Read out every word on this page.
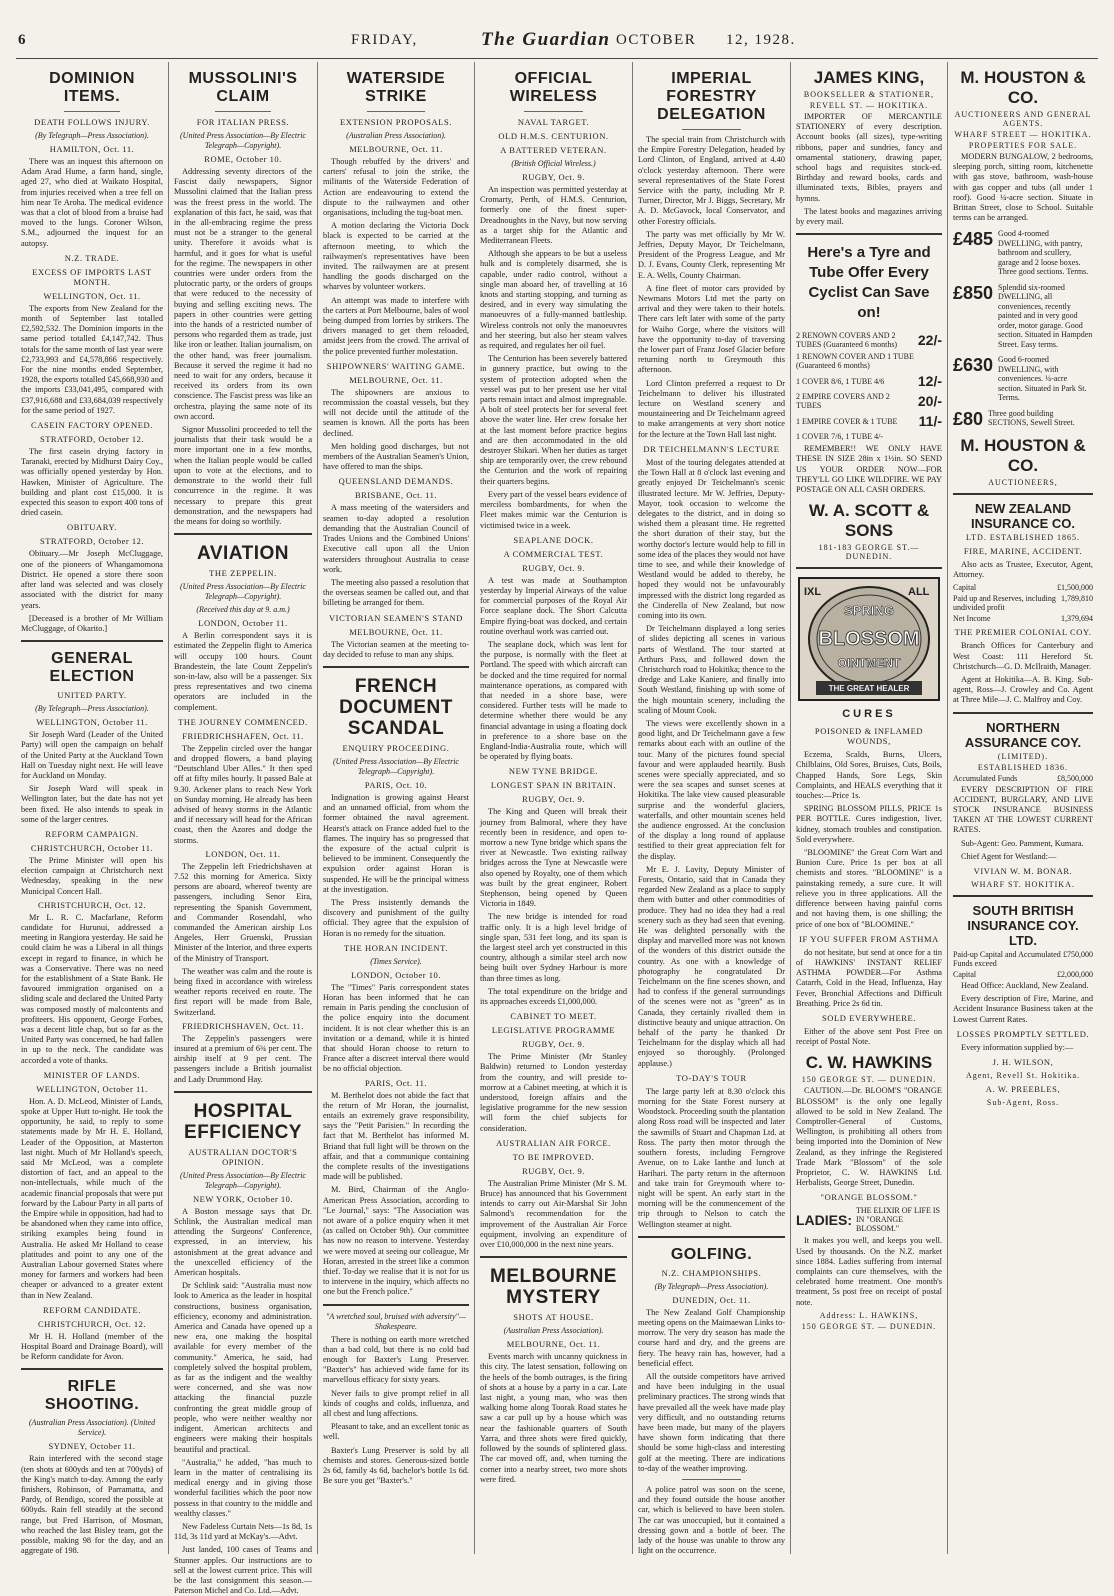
6	FRIDAY,	The Guardian OCTOBER 12, 1928.
DOMINION ITEMS.
DEATH FOLLOWS INJURY.
(By Telegraph—Press Association).
HAMILTON, Oct. 11.

There was an inquest this afternoon on Adam Arad Hume, a farm hand, single, aged 27, who died at Waikato Hospital, from injuries received when a tree fell on him near Te Aroha. The medical evidence was that a clot of blood from a bruise had moved to the lungs. Coroner Wilson, S.M., adjourned the inquest for an autopsy.

N.Z. TRADE.
EXCESS OF IMPORTS LAST MONTH.
WELLINGTON, Oct. 11.

The exports from New Zealand for the month of September last totalled £2,592,532. The Dominion imports in the same period totalled £4,147,742. Thus totals for the same month of last year were £2,733,993 and £4,578,866 respectively. For the nine months ended September, 1928, the exports totalled £45,668,930 and the imports £33,041,495, compared with £37,916,688 and £33,684,039 respectively for the same period of 1927.

CASEIN FACTORY OPENED.
STRATFORD, October 12.

The first casein drying factory in Taranaki, erected by Midhurst Dairy Coy., was officially opened yesterday by Hon. Hawken, Minister of Agriculture. The building and plant cost £15,000. It is expected this season to export 400 tons of dried casein.

OBITUARY.
STRATFORD, October 12.

Obituary.—Mr Joseph McCluggage, one of the pioneers of Whangamomona District. He opened a store there soon after land was selected and was closely associated with the district for many years.

[Deceased is a brother of Mr William McCluggage, of Okarito.]

GENERAL ELECTION
UNITED PARTY.
(By Telegraph—Press Association).
WELLINGTON, October 11.

Sir Joseph Ward (Leader of the United Party) will open the campaign on behalf of the United Party at the Auckland Town Hall on Tuesday night next. He will leave for Auckland on Monday.

Sir Joseph Ward will speak in Wellington later, but the date has not yet been fixed. He also intends to speak in some of the larger centres.

REFORM CAMPAIGN.
CHRISTCHURCH, October 11.

The Prime Minister will open his election campaign at Christchurch next Wednesday, speaking in the new Municipal Concert Hall.

CHRISTCHURCH, Oct. 12.

Mr L. R. C. Macfarlane, Reform candidate for Hurunui, addressed a meeting in Rangiora yesterday. He said he could claim he was a Liberal in all things except in regard to finance, in which he was a Conservative. There was no need for the establishment of a State Bank. He favoured immigration organised on a sliding scale and declared the United Party was composed mostly of malcontents and profiteers. His opponent, George Forbes, was a decent little chap, but so far as the United Party was concerned, he had fallen in up to the neck. The candidate was accorded a vote of thanks.

MINISTER OF LANDS.
WELLINGTON, October 11.

Hon. A. D. McLeod, Minister of Lands, spoke at Upper Hutt to-night. He took the opportunity, he said, to reply to some statements made by Mr H. E. Holland, Leader of the Opposition, at Masterton last night. Much of Mr Holland's speech, said Mr McLeod, was a complete distortion of fact, and an appeal to the non-intellectuals, while much of the academic financial proposals that were put forward by the Labour Party in all parts of the Empire while in opposition, had had to be abandoned when they came into office, striking examples being found in Australia. He asked Mr Holland to cease platitudes and point to any one of the Australian Labour governed States where money for farmers and workers had been cheaper or advanced to a greater extent than in New Zealand.

REFORM CANDIDATE.
CHRISTCHURCH, Oct. 12.

Mr H. H. Holland (member of the Hospital Board and Drainage Board), will be Reform candidate for Avon.

RIFLE SHOOTING.
(Australian Press Association). (United Service).
SYDNEY, October 11.

Rain interfered with the second stage (ten shots at 600yds and ten at 700yds) of the King's match to-day. Among the early finishers, Robinson, of Parramatta, and Pardy, of Bendigo, scored the possible at 600yds. Rain fell steadily at the second range, but Fred Harrison, of Mosman, who reached the last Bisley team, got the possible, making 98 for the day, and an aggregate of 198.

MUSSOLINI'S CLAIM
FOR ITALIAN PRESS.
(United Press Association—By Electric Telegraph—Copyright).
ROME, October 10.

Addressing seventy directors of the Fascist daily newspapers, Signor Mussolini claimed that the Italian press was the freest press in the world. The explanation of this fact, he said, was that in the all-embracing regime the press must not be a stranger to the general unity. Therefore it avoids what is harmful, and it goes for what is useful for the regime. The newspapers in other countries were under orders from the plutocratic party, or the orders of groups that were reduced to the necessity of buying and selling exciting news. The papers in other countries were getting into the hands of a restricted number of persons who regarded them as trade, just like iron or leather. Italian journalism, on the other hand, was freer journalism. Because it served the regime it had no need to wait for any orders, because it received its orders from its own conscience. The Fascist press was like an orchestra, playing the same note of its own accord.

Signor Mussolini proceeded to tell the journalists that their task would be a more important one in a few months, when the Italian people would be called upon to vote at the elections, and to demonstrate to the world their full concurrence in the regime. It was necessary to prepare this great demonstration, and the newspapers had the means for doing so worthily.

AVIATION
THE ZEPPELIN.
(United Press Association—By Electric Telegraph—Copyright).
(Received this day at 9. a.m.)
LONDON, October 11.

A Berlin correspondent says it is estimated the Zeppelin flight to America will occupy 100 hours. Count Brandestein, the late Count Zeppelin's son-in-law, also will be a passenger. Six press representatives and two cinema operators are included in the complement.

THE JOURNEY COMMENCED.
FRIEDRICHSHAFEN, Oct. 11.

The Zeppelin circled over the hangar and dropped flowers, a band playing "Deutschland Uber Alles." It then sped off at fifty miles hourly. It passed Bale at 9.30. Ackener plans to reach New York on Sunday morning. He already has been advised of heavy storms in the Atlantic and if necessary will head for the African coast, then the Azores and dodge the storms.

LONDON, Oct. 11.

The Zeppelin left Friedrichshaven at 7.52 this morning for America. Sixty persons are aboard, whereof twenty are passengers, including Senor Eira, representing the Spanish Government, and Commander Rosendahl, who commanded the American airship Los Angeles, Herr Gruenski, Prussian Minister of the Interior, and three experts of the Ministry of Transport.

The weather was calm and the route is being fixed in accordance with wireless weather reports received en route. The first report will be made from Bale, Switzerland.

FRIEDRICHSHAVEN, Oct. 11.

The Zeppelin's passengers were insured at a premium of 6¾ per cent. The airship itself at 9 per cent. The passengers include a British journalist and Lady Drummond Hay.

HOSPITAL EFFICIENCY
AUSTRALIAN DOCTOR'S OPINION.
(United Press Association—By Electric Telegraph—Copyright).
NEW YORK, October 10.

A Boston message says that Dr. Schlink, the Australian medical man attending the Surgeons' Conference, expressed, in an interview, his astonishment at the great advance and the unexcelled efficiency of the American hospitals.

Dr Schlink said: "Australia must now look to America as the leader in hospital constructions, business organisation, efficiency, economy and administration. America and Canada have opened up a new era, one making the hospital available for every member of the community." America, he said, had completely solved the hospital problem, as far as the indigent and the wealthy were concerned, and she was now attacking the financial puzzle confronting the great middle group of people, who were neither wealthy nor indigent. American architects and engineers were making their hospitals beautiful and practical.

"Australia," he added, "has much to learn in the matter of centralising its medical energy and in giving those wonderful facilities which the poor now possess in that country to the middle and wealthy classes."

New Fadeless Curtain Nets—1s 8d, 1s 11d, 3s 11d yard at McKay's.—Advt.

Just landed, 100 cases of Teams and Stunner apples. Our instructions are to sell at the lowest current price. This will be the last consignment this season.—Paterson Michel and Co. Ltd.—Advt.

WATERSIDE STRIKE
EXTENSION PROPOSALS.
(Australian Press Association).
MELBOURNE, Oct. 11.

Though rebuffed by the drivers' and carters' refusal to join the strike, the militants of the Waterside Federation of Action are endeavouring to extend the dispute to the railwaymen and other organisations, including the tug-boat men.

A motion declaring the Victoria Dock black is expected to be carried at the afternoon meeting, to which the railwaymen's representatives have been invited. The railwaymen are at present handling the goods discharged on the wharves by volunteer workers.

An attempt was made to interfere with the carters at Port Melbourne, bales of wool being dumped from lorries by strikers. The drivers managed to get them reloaded, amidst jeers from the crowd. The arrival of the police prevented further molestation.

SHIPOWNERS' WAITING GAME.
MELBOURNE, Oct. 11.

The shipowners are anxious to recommission the coastal vessels, but they will not decide until the attitude of the seamen is known. All the ports has been declined.

Men holding good discharges, but not members of the Australian Seamen's Union, have offered to man the ships.

QUEENSLAND DEMANDS.
BRISBANE, Oct. 11.

A mass meeting of the watersiders and seamen to-day adopted a resolution demanding that the Australian Council of Trades Unions and the Combined Unions' Executive call upon all the Union watersiders throughout Australia to cease work.

The meeting also passed a resolution that the overseas seamen be called out, and that billeting be arranged for them.

VICTORIAN SEAMEN'S STAND
MELBOURNE, Oct. 11.

The Victorian seamen at the meeting to-day decided to refuse to man any ships.

FRENCH DOCUMENT SCANDAL
ENQUIRY PROCEEDING.
(United Press Association—By Electric Telegraph—Copyright).
PARIS, Oct. 10.

Indignation is growing against Hearst and an unnamed official, from whom the former obtained the naval agreement. Hearst's attack on France added fuel to the flames. The inquiry has so progressed that the exposure of the actual culprit is believed to be imminent. Consequently the expulsion order against Horan is suspended. He will be the principal witness at the investigation.

The Press insistently demands the discovery and punishment of the guilty official. They agree that the expulsion of Horan is no remedy for the situation.

THE HORAN INCIDENT.
(Times Service).
LONDON, October 10.

The "Times" Paris correspondent states Horan has been informed that he can remain in Paris pending the conclusion of the police enquiry into the document incident. It is not clear whether this is an invitation or a demand, while it is hinted that should Horan choose to return to France after a discreet interval there would be no official objection.

PARIS, Oct. 11.

M. Berthelot does not abide the fact that the return of Mr Horan, the journalist, entails an extremely grave responsibility, says the "Petit Parisien." In recording the fact that M. Berthelot has informed M. Briand that full light will be thrown on the affair, and that a communique containing the complete results of the investigations made will be published.

M. Bird, Chairman of the Anglo-American Press Association, according to "Le Journal," says: "The Association was not aware of a police enquiry when it met (as called on October 9th). Our committee has now no reason to intervene. Yesterday we were moved at seeing our colleague, Mr Horan, arrested in the street like a common thief. To-day we realise that it is not for us to intervene in the inquiry, which affects no one but the French police."

"A wretched soul, bruised with adversity"—Shakespeare.

There is nothing on earth more wretched than a bad cold, but there is no cold bad enough for Baxter's Lung Preserver. "Baxter's" has achieved wide fame for its marvellous efficacy for sixty years.

Never fails to give prompt relief in all kinds of coughs and colds, influenza, and all chest and lung affections.

Pleasant to take, and an excellent tonic as well.

Baxter's Lung Preserver is sold by all chemists and stores. Generous-sized bottle 2s 6d, family 4s 6d, bachelor's bottle 1s 6d. Be sure you get "Baxter's."

OFFICIAL WIRELESS
NAVAL TARGET.
OLD H.M.S. CENTURION.
A BATTERED VETERAN.
(British Official Wireless.)
RUGBY, Oct. 9.

An inspection was permitted yesterday at Cromarty, Perth, of H.M.S. Centurion, formerly one of the finest super-Dreadnoughts in the Navy, but now serving as a target ship for the Atlantic and Mediterranean Fleets.

Although she appears to be but a useless hulk and is completely disarmed, she is capable, under radio control, without a single man aboard her, of travelling at 16 knots and starting stopping, and turning as desired, and in every way simulating the manoeuvres of a fully-manned battleship. Wireless controls not only the manoeuvres and her steering, but also her steam valves as required, and regulates her oil fuel.

The Centurion has been severely battered in gunnery practice, but owing to the system of protection adopted when the vessel was put to her present use her vital parts remain intact and almost impregnable. A bolt of steel protects her for several feet above the water line. Her crew forsake her at the last moment before practice begins and are then accommodated in the old destroyer Shikari. When her duties as target ship are temporarily over, the crew rebound the Centurion and the work of repairing their quarters begins.

Every part of the vessel bears evidence of merciless bombardments, for when the Fleet makes mimic war the Centurion is victimised twice in a week.

SEAPLANE DOCK.
A COMMERCIAL TEST.
RUGBY, Oct. 9.

A test was made at Southampton yesterday by Imperial Airways of the value for commercial purposes of the Royal Air Force seaplane dock. The Short Calcutta Empire flying-boat was docked, and certain routine overhaul work was carried out.

The seaplane dock, which was lent for the purpose, is normally with the fleet at Portland. The speed with which aircraft can be docked and the time required for normal maintenance operations, as compared with that needed in a shore base, were considered. Further tests will be made to determine whether there would be any financial advantage in using a floating dock in preference to a shore base on the England-India-Australia route, which will be operated by flying boats.

NEW TYNE BRIDGE.
LONGEST SPAN IN BRITAIN.
RUGBY, Oct. 9.

The King and Queen will break their journey from Balmoral, where they have recently been in residence, and open to-morrow a new Tyne bridge which spans the river at Newcastle. Two existing railway bridges across the Tyne at Newcastle were also opened by Royalty, one of them which was built by the great engineer, Robert Stephenson, being opened by Queen Victoria in 1849.

The new bridge is intended for road traffic only. It is a high level bridge of single span, 531 feet long, and its span is the largest steel arch yet constructed in this country, although a similar steel arch now being built over Sydney Harbour is more than three times as long.

The total expenditure on the bridge and its approaches exceeds £1,000,000.

CABINET TO MEET.
LEGISLATIVE PROGRAMME
RUGBY, Oct. 9.

The Prime Minister (Mr Stanley Baldwin) returned to London yesterday from the country, and will preside to-morrow at a Cabinet meeting, at which it is understood, foreign affairs and the legislative programme for the new session will form the chief subjects for consideration.

AUSTRALIAN AIR FORCE.
TO BE IMPROVED.
RUGBY, Oct. 9.

The Australian Prime Minister (Mr S. M. Bruce) has announced that his Government intends to carry out Air-Marshal Sir John Salmond's recommendation for the improvement of the Australian Air Force equipment, involving an expenditure of over £10,000,000 in the next nine years.

MELBOURNE MYSTERY
SHOTS AT HOUSE.
(Australian Press Association).
MELBOURNE, Oct. 11.

Events march with uncanny quickness in this city. The latest sensation, following on the heels of the bomb outrages, is the firing of shots at a house by a party in a car. Late last night, a young man, who was then walking home along Toorak Road states he saw a car pull up by a house which was near the fashionable quarters of South Yarra, and three shots were fired quickly, followed by the sounds of splintered glass. The car moved off, and, when turning the corner into a nearby street, two more shots were fired.

IMPERIAL FORESTRY DELEGATION

The special train from Christchurch with the Empire Forestry Delegation, headed by Lord Clinton, of England, arrived at 4.40 o'clock yesterday afternoon. There were several representatives of the State Forest Service with the party, including Mr P. Turner, Director, Mr J. Biggs, Secretary, Mr A. D. McGavock, local Conservator, and other Forestry officials.

The party was met officially by Mr W. Jeffries, Deputy Mayor, Dr Teichelmann, President of the Progress League, and Mr D. J. Evans, County Clerk, representing Mr E. A. Wells, County Chairman.

A fine fleet of motor cars provided by Newmans Motors Ltd met the party on arrival and they were taken to their hotels. There cars left later with some of the party for Waiho Gorge, where the visitors will have the opportunity to-day of traversing the lower part of Franz Josef Glacier before returning north to Greymouth this afternoon.

Lord Clinton preferred a request to Dr Teichelmann to deliver his illustrated lecture on Westland scenery and mountaineering and Dr Teichelmann agreed to make arrangements at very short notice for the lecture at the Town Hall last night.

DR TEICHELMANN'S LECTURE

Most of the touring delegates attended at the Town Hall at 8 o'clock last evening and greatly enjoyed Dr Teichelmann's scenic illustrated lecture. Mr W. Jeffries, Deputy-Mayor, took occasion to welcome the delegates to the district, and in doing so wished them a pleasant time. He regretted the short duration of their stay, but the worthy doctor's lecture would help to fill in some idea of the places they would not have time to see, and while their knowledge of Westland would be added to thereby, he hoped they would not be unfavourably impressed with the district long regarded as the Cinderella of New Zealand, but now coming into its own.

Dr Teichelmann displayed a long series of slides depicting all scenes in various parts of Westland. The tour started at Arthurs Pass, and followed down the Christchurch road to Hokitika; thence to the dredge and Lake Kaniere, and finally into South Westland, finishing up with some of the high mountain scenery, including the scaling of Mount Cook.

The views were excellently shown in a good light, and Dr Teichelmann gave a few remarks about each with an outline of the tour. Many of the pictures found special favour and were applauded heartily. Bush scenes were specially appreciated, and so were the sea scapes and sunset scenes at Hokitika. The lake view caused pleasurable surprise and the wonderful glaciers, waterfalls, and other mountain scenes held the audience engrossed. At the conclusion of the display a long round of applause testified to their great appreciation felt for the display.

Mr E. J. Lavity, Deputy Minister of Forests, Ontario, said that in Canada they regarded New Zealand as a place to supply them with butter and other commodities of produce. They had no idea they had a real scenery such as they had seen that evening. He was delighted personally with the display and marvelled more was not known of the wonders of this district outside the country. As one with a knowledge of photography he congratulated Dr Teichelmann on the fine scenes shown, and had to confess if the general surroundings of the scenes were not as "green" as in Canada, they certainly rivalled them in distinctive beauty and unique attraction. On behalf of the party he thanked Dr Teichelmann for the display which all had enjoyed so thoroughly. (Prolonged applause.)

TO-DAY'S TOUR

The large party left at 8.30 o'clock this morning for the State Forest nursery at Woodstock. Proceeding south the plantation along Ross road will be inspected and later the sawmills of Stuart and Chapman Ltd. at Ross. The party then motor through the southern forests, including Ferngrove Avenue, on to Lake Ianthe and lunch at Harihari. The party return in the afternoon and take train for Greymouth where to-night will be spent. An early start in the morning will be the commencement of the trip through to Nelson to catch the Wellington steamer at night.

GOLFING.
N.Z. CHAMPIONSHIPS.
(By Telegraph—Press Association).
DUNEDIN, Oct. 11.

The New Zealand Golf Championship meeting opens on the Maimaewan Links to-morrow. The very dry season has made the course hard and dry, and the greens are fiery. The heavy rain has, however, had a beneficial effect.

All the outside competitors have arrived and have been indulging in the usual preliminary practices. The strong winds that have prevailed all the week have made play very difficult, and no outstanding returns have been made, but many of the players have shown form indicating that there should be some high-class and interesting golf at the meeting. There are indications to-day of the weather improving.

A police patrol was soon on the scene, and they found outside the house another car, which is believed to have been stolen. The car was unoccupied, but it contained a dressing gown and a bottle of beer. The lady of the house was unable to throw any light on the occurrence.

JAMES KING,
BOOKSELLER & STATIONER,
REVELL ST. — HOKITIKA.

IMPORTER OF MERCANTILE STATIONERY of every description. Account books (all sizes), type-writing ribbons, paper and sundries, fancy and ornamental stationery, drawing paper, school bags and requisites stock-ed. Birthday and reward books, cards and illuminated texts, Bibles, prayers and hymns.

The latest books and magazines arriving by every mail.

Here's a Tyre and Tube Offer Every Cyclist Can Save on!
2 RENOWN COVERS AND 2 TUBES (Guaranteed 6 months)	22/-
1 RENOWN COVER AND 1 TUBE (Guaranteed 6 months)
1 COVER 8/6, 1 TUBE 4/6 12/-
2 EMPIRE COVERS AND 2 TUBES	20/-
1 EMPIRE COVER & 1 TUBE 11/-
1 COVER 7/6, 1 TUBE 4/-

REMEMBER!! WE ONLY HAVE THESE IN SIZE 28in x 1½in. SO SEND US YOUR ORDER NOW—FOR THEY'LL GO LIKE WILDFIRE. WE PAY POSTAGE ON ALL CASH ORDERS.

W. A. SCOTT & SONS
181-183 GEORGE ST.—DUNEDIN.
SPRING
BLOSSOM
OINTMENT
IXL	ALL
THE GREAT HEALER
CURES
POISONED & INFLAMED WOUNDS,

Eczema, Scalds, Burns, Ulcers, Chilblains, Old Sores, Bruises, Cuts, Boils, Chapped Hands, Sore Legs, Skin Complaints, and HEALS everything that it touches:—Price 1s.

SPRING BLOSSOM PILLS, PRICE 1s PER BOTTLE. Cures indigestion, liver, kidney, stomach troubles and constipation. Sold everywhere.

"BLOOMINE" the Great Corn Wart and Bunion Cure. Price 1s per box at all chemists and stores. "BLOOMINE" is a painstaking remedy, a sure cure. It will relieve you in three applications. All the difference between having painful corns and not having them, is one shilling; the price of one box of "BLOOMINE."

IF YOU SUFFER FROM ASTHMA

do not hesitate, but send at once for a tin of HAWKINS' INSTANT RELIEF ASTHMA POWDER—For Asthma Catarrh, Cold in the Head, Influenza, Hay Fever, Bronchial Affections and Difficult Breathing. Price 2s 6d tin.

SOLD EVERYWHERE.

Either of the above sent Post Free on receipt of Postal Note.

C. W. HAWKINS
150 GEORGE ST. — DUNEDIN.

CAUTION.—Dr. BLOOM'S "ORANGE BLOSSOM" is the only one legally allowed to be sold in New Zealand. The Comptroller-General of Customs, Wellington, is prohibiting all others from being imported into the Dominion of New Zealand, as they infringe the Registered Trade Mark "Blossom" of the sole Proprietor, C. W. HAWKINS Ltd. Herbalists, George Street, Dunedin.

"ORANGE BLOSSOM."
LADIES:
THE ELIXIR OF LIFE IS IN "ORANGE BLOSSOM."

It makes you well, and keeps you well. Used by thousands. On the N.Z. market since 1884. Ladies suffering from internal complaints can cure themselves, with the celebrated home treatment. One month's treatment, 5s post free on receipt of postal note.

Address: L. HAWKINS,
150 GEORGE ST. — DUNEDIN.
M. HOUSTON & CO.
AUCTIONEERS AND GENERAL AGENTS.
WHARF STREET — HOKITIKA.
PROPERTIES FOR SALE.

MODERN BUNGALOW, 2 bedrooms, sleeping porch, sitting room, kitchenette with gas stove, bathroom, wash-house with gas copper and tubs (all under 1 roof). Good ¼-acre section. Situate in Brittan Street, close to School. Suitable terms can be arranged.

£485 Good 4-roomed DWELLING, with pantry, bathroom and scullery, garage and 2 loose boxes. Three good sections. Terms.
£850 Splendid six-roomed DWELLING, all conveniences, recently painted and in very good order, motor garage. Good section. Situated in Hampden Street. Easy terms.
£630 Good 6-roomed DWELLING, with conveniences. ¼-acre section. Situated in Park St. Terms.
£80 Three good building SECTIONS, Sewell Street.
M. HOUSTON & CO.
AUCTIONEERS,
NEW ZEALAND INSURANCE CO.
LTD. ESTABLISHED 1865.
FIRE, MARINE, ACCIDENT.

Also acts as Trustee, Executor, Agent, Attorney.

Capital	£1,500,000
Paid up and Reserves, including undivided profit
1,789,810
Net Income	1,379,694
THE PREMIER COLONIAL COY.

Branch Offices for Canterbury and West Coast: 111 Hereford St. Christchurch—G. D. McIlraith, Manager.

Agent at Hokitika—A. B. King. Sub-agent, Ross—J. Crowley and Co. Agent at Three Mile—J. C. Malfroy and Coy.

NORTHERN ASSURANCE COY.
(LIMITED).
ESTABLISHED 1836.
Accumulated Funds	£8,500,000

EVERY DESCRIPTION OF FIRE ACCIDENT, BURGLARY, AND LIVE STOCK INSURANCE BUSINESS TAKEN AT THE LOWEST CURRENT RATES.

Sub-Agent: Geo. Pamment, Kumara.

Chief Agent for Westland:—

VIVIAN W. M. BONAR.
WHARF ST. HOKITIKA.
SOUTH BRITISH INSURANCE COY. LTD.
Paid-up Capital and Accumulated Funds exceed
£750,000
Capital	£2,000,000

Head Office: Auckland, New Zealand.

Every description of Fire, Marine, and Accident Insurance Business taken at the Lowest Current Rates.

LOSSES PROMPTLY SETTLED.

Every information supplied by:—

J. H. WILSON,
Agent, Revell St. Hokitika.
A. W. PREEBLES,
Sub-Agent, Ross.
